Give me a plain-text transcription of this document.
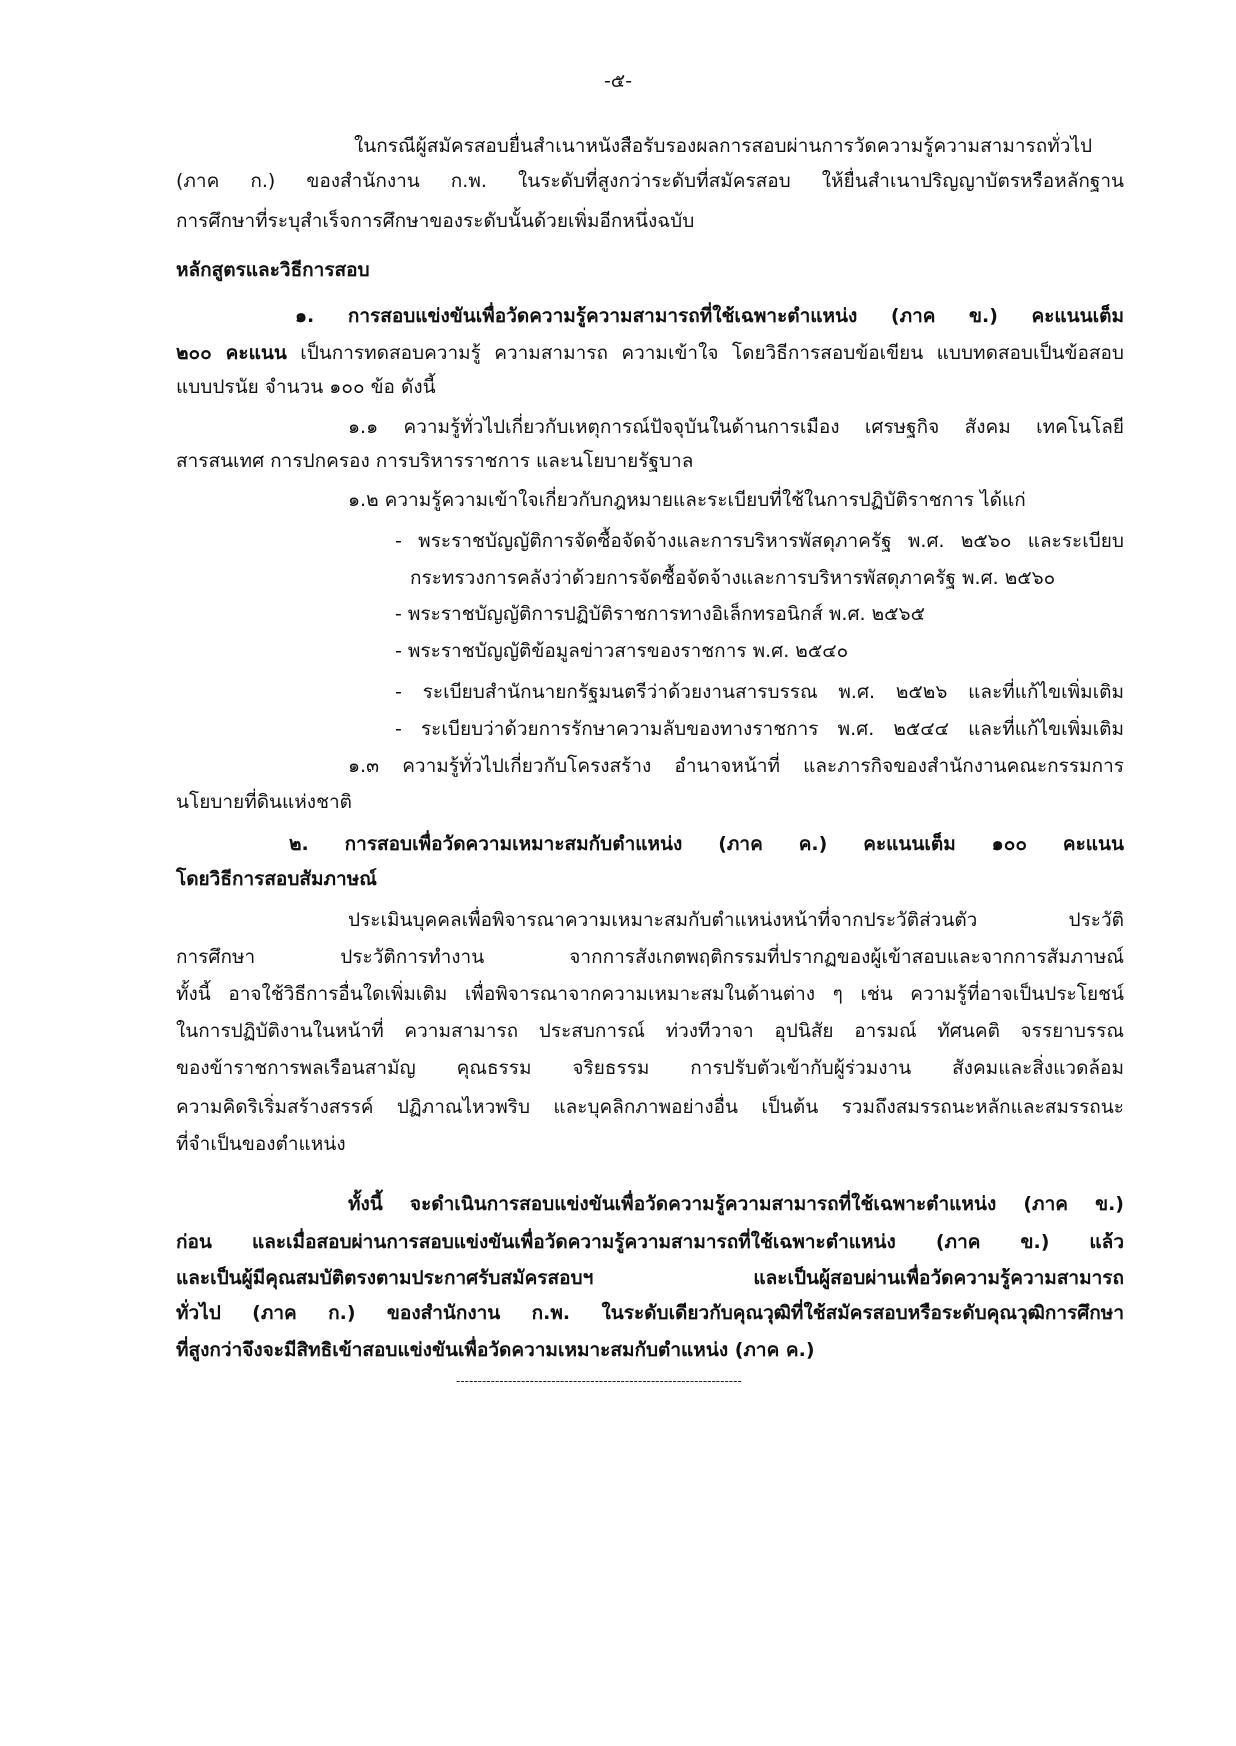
-๕-
ในกรณีผู้สมัครสอบยื่นสำเนาหนังสือรับรองผลการสอบผ่านการวัดความรู้ความสามารถทั่วไป
(ภาค ก.) ของสำนักงาน ก.พ. ในระดับที่สูงกว่าระดับที่สมัครสอบ ให้ยื่นสำเนาปริญญาบัตรหรือหลักฐาน
การศึกษาที่ระบุสำเร็จการศึกษาของระดับนั้นด้วยเพิ่มอีกหนึ่งฉบับ
หลักสูตรและวิธีการสอบ
๑. การสอบแข่งขันเพื่อวัดความรู้ความสามารถที่ใช้เฉพาะตำแหน่ง (ภาค ข.) คะแนนเต็ม
๒๐๐ คะแนน เป็นการทดสอบความรู้ ความสามารถ ความเข้าใจ โดยวิธีการสอบข้อเขียน แบบทดสอบเป็นข้อสอบ
แบบปรนัย จำนวน ๑๐๐ ข้อ ดังนี้
๑.๑ ความรู้ทั่วไปเกี่ยวกับเหตุการณ์ปัจจุบันในด้านการเมือง เศรษฐกิจ สังคม เทคโนโลยี
สารสนเทศ การปกครอง การบริหารราชการ และนโยบายรัฐบาล
๑.๒ ความรู้ความเข้าใจเกี่ยวกับกฎหมายและระเบียบที่ใช้ในการปฏิบัติราชการ ได้แก่
- พระราชบัญญัติการจัดซื้อจัดจ้างและการบริหารพัสดุภาครัฐ พ.ศ. ๒๕๖๐ และระเบียบ
กระทรวงการคลังว่าด้วยการจัดซื้อจัดจ้างและการบริหารพัสดุภาครัฐ พ.ศ. ๒๕๖๐
- พระราชบัญญัติการปฏิบัติราชการทางอิเล็กทรอนิกส์ พ.ศ. ๒๕๖๕
- พระราชบัญญัติข้อมูลข่าวสารของราชการ พ.ศ. ๒๕๔๐
- ระเบียบสำนักนายกรัฐมนตรีว่าด้วยงานสารบรรณ พ.ศ. ๒๕๒๖ และที่แก้ไขเพิ่มเติม
- ระเบียบว่าด้วยการรักษาความลับของทางราชการ พ.ศ. ๒๕๔๔ และที่แก้ไขเพิ่มเติม
๑.๓ ความรู้ทั่วไปเกี่ยวกับโครงสร้าง อำนาจหน้าที่ และภารกิจของสำนักงานคณะกรรมการ
นโยบายที่ดินแห่งชาติ
๒. การสอบเพื่อวัดความเหมาะสมกับตำแหน่ง (ภาค ค.) คะแนนเต็ม ๑๐๐ คะแนน
โดยวิธีการสอบสัมภาษณ์
ประเมินบุคคลเพื่อพิจารณาความเหมาะสมกับตำแหน่งหน้าที่จากประวัติส่วนตัว ประวัติ
การศึกษา ประวัติการทำงาน จากการสังเกตพฤติกรรมที่ปรากฏของผู้เข้าสอบและจากการสัมภาษณ์
ทั้งนี้ อาจใช้วิธีการอื่นใดเพิ่มเติม เพื่อพิจารณาจากความเหมาะสมในด้านต่าง ๆ เช่น ความรู้ที่อาจเป็นประโยชน์
ในการปฏิบัติงานในหน้าที่ ความสามารถ ประสบการณ์ ท่วงทีวาจา อุปนิสัย อารมณ์ ทัศนคติ จรรยาบรรณ
ของข้าราชการพลเรือนสามัญ คุณธรรม จริยธรรม การปรับตัวเข้ากับผู้ร่วมงาน สังคมและสิ่งแวดล้อม
ความคิดริเริ่มสร้างสรรค์ ปฏิภาณไหวพริบ และบุคลิกภาพอย่างอื่น เป็นต้น รวมถึงสมรรถนะหลักและสมรรถนะ
ที่จำเป็นของตำแหน่ง
ทั้งนี้ จะดำเนินการสอบแข่งขันเพื่อวัดความรู้ความสามารถที่ใช้เฉพาะตำแหน่ง (ภาค ข.)
ก่อน และเมื่อสอบผ่านการสอบแข่งขันเพื่อวัดความรู้ความสามารถที่ใช้เฉพาะตำแหน่ง (ภาค ข.) แล้ว
และเป็นผู้มีคุณสมบัติตรงตามประกาศรับสมัครสอบฯ และเป็นผู้สอบผ่านเพื่อวัดความรู้ความสามารถ
ทั่วไป (ภาค ก.) ของสำนักงาน ก.พ. ในระดับเดียวกับคุณวุฒิที่ใช้สมัครสอบหรือระดับคุณวุฒิการศึกษา
ที่สูงกว่าจึงจะมีสิทธิเข้าสอบแข่งขันเพื่อวัดความเหมาะสมกับตำแหน่ง (ภาค ค.)
------------------------------------------------------------------
